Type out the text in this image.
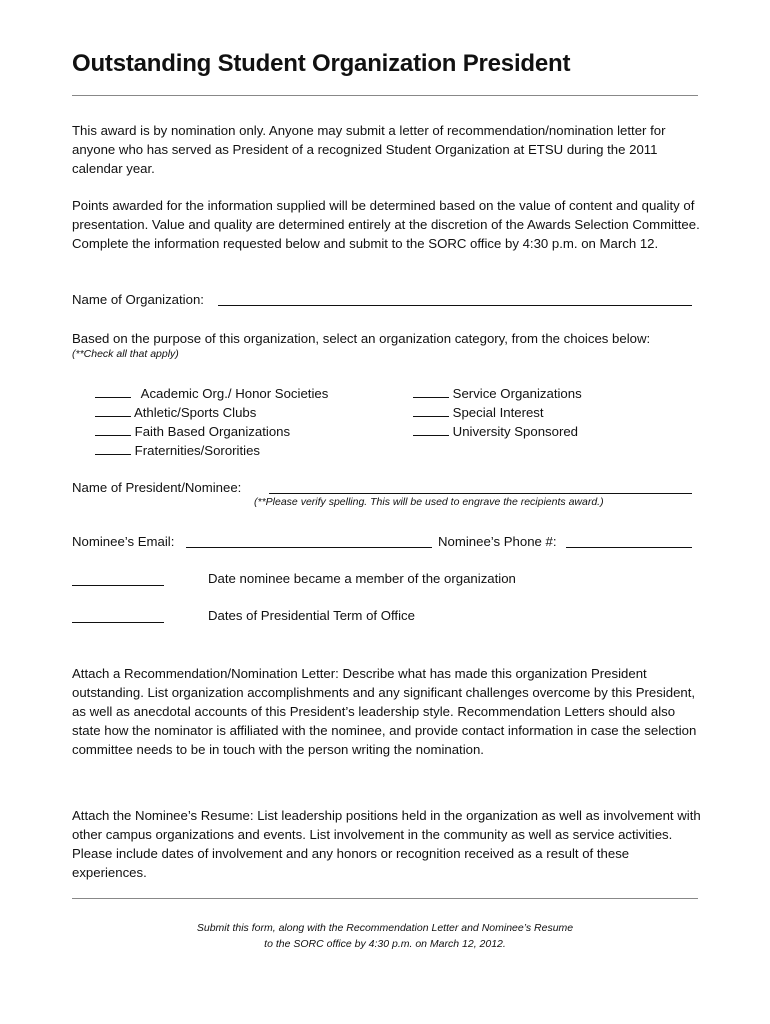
Outstanding Student Organization President
This award is by nomination only. Anyone may submit a letter of recommendation/nomination letter for anyone who has served as President of a recognized Student Organization at ETSU during the 2011 calendar year.
Points awarded for the information supplied will be determined based on the value of content and quality of presentation. Value and quality are determined entirely at the discretion of the Awards Selection Committee. Complete the information requested below and submit to the SORC office by 4:30 p.m. on March 12.
Name of Organization:
Based on the purpose of this organization, select an organization category, from the choices below:
(**Check all that apply)
Academic Org./ Honor Societies
Athletic/Sports Clubs
Faith Based Organizations
Fraternities/Sororities
Service Organizations
Special Interest
University Sponsored
Name of President/Nominee:
(**Please verify spelling. This will be used to engrave the recipients award.)
Nominee’s Email:	Nominee’s Phone #:
Date nominee became a member of the organization
Dates of Presidential Term of Office
Attach a Recommendation/Nomination Letter: Describe what has made this organization President outstanding. List organization accomplishments and any significant challenges overcome by this President, as well as anecdotal accounts of this President’s leadership style. Recommendation Letters should also state how the nominator is affiliated with the nominee, and provide contact information in case the selection committee needs to be in touch with the person writing the nomination.
Attach the Nominee’s Resume: List leadership positions held in the organization as well as involvement with other campus organizations and events. List involvement in the community as well as service activities. Please include dates of involvement and any honors or recognition received as a result of these experiences.
Submit this form, along with the Recommendation Letter and Nominee’s Resume
to the SORC office by 4:30 p.m. on March 12, 2012.
